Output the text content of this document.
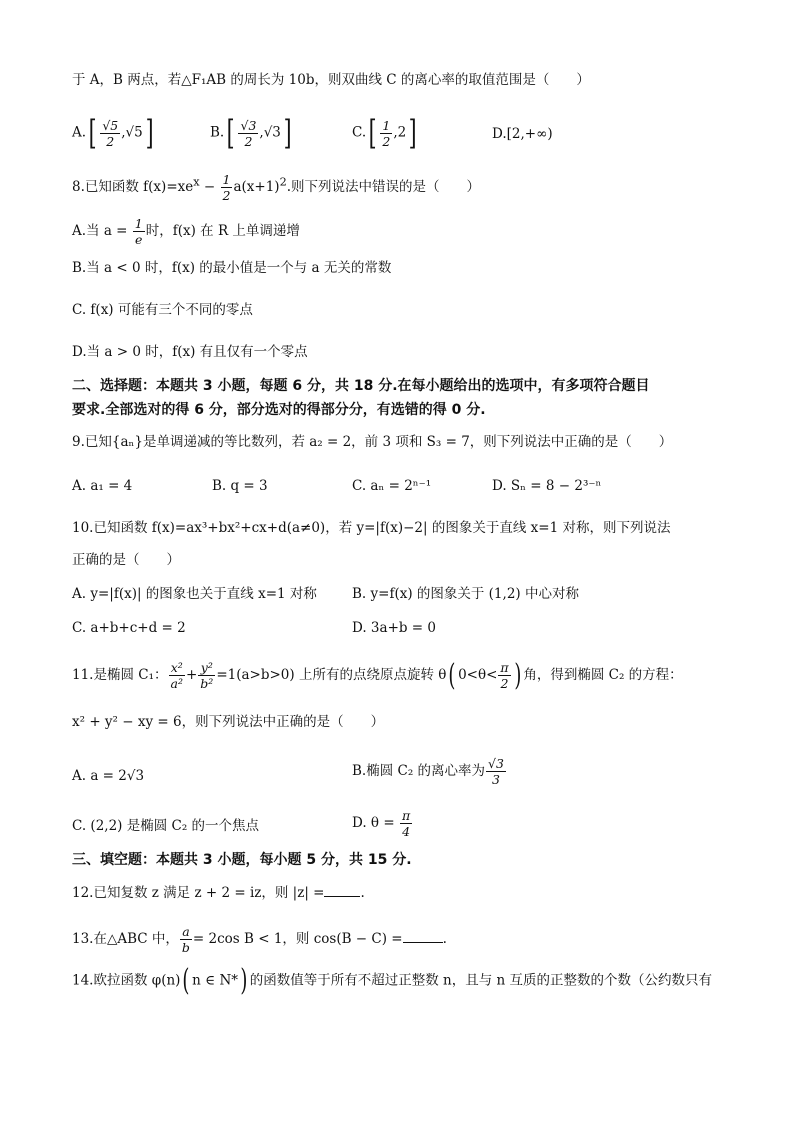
于 A，B 两点，若△F₁AB 的周长为 10b，则双曲线 C 的离心率的取值范围是（　　）
$A.[ \frac{√5}{2} ,√5]$	$B.[ \frac{√3}{2} ,√3]$	$C.[ \frac{1}{2} ,2]$	D.[2,+∞)
8.已知函数 $f(x)=xe^x - \frac{1}{2} a(x+1)^2$.则下列说法中错误的是（　　）
A.当 $a = \frac{1}{e}$ 时，f(x) 在 R 上单调递增
B.当 a < 0 时，f(x) 的最小值是一个与 a 无关的常数
C. f(x) 可能有三个不同的零点
D.当 a > 0 时，f(x) 有且仅有一个零点
二、选择题：本题共 3 小题，每题 6 分，共 18 分.在每小题给出的选项中，有多项符合题目
要求.全部选对的得 6 分，部分选对的得部分分，有选错的得 0 分.
9.已知{aₙ}是单调递减的等比数列，若 a₂ = 2，前 3 项和 S₃ = 7，则下列说法中正确的是（　　）
A. a₁ = 4	B. q = 3	C. aₙ = 2ⁿ⁻¹	D. Sₙ = 8 − 2³⁻ⁿ
10.已知函数 f(x)=ax³+bx²+cx+d(a≠0)，若 y=|f(x)−2| 的图象关于直线 x=1 对称，则下列说法
正确的是（　　）
A. y=|f(x)| 的图象也关于直线 x=1 对称	B. y=f(x) 的图象关于 (1,2) 中心对称
C. a+b+c+d = 2	D. 3a+b = 0
11.是椭圆 C₁： $\frac{\text{x²}}{\text{a²}} + \frac{\text{y²}}{\text{b²}} =1(a>b>0)$ 上所有的点绕原点旋转 θ( $0<\theta< \frac{\pi}{2}$ ) 角，得到椭圆 C₂ 的方程：
x² + y² − xy = 6，则下列说法中正确的是（　　）
A. a = 2√3	B.椭圆 C₂ 的离心率为 $\frac{√3}{3}$
C. (2,2) 是椭圆 C₂ 的一个焦点	D. $\theta = \frac{\pi}{4}$
三、填空题：本题共 3 小题，每小题 5 分，共 15 分.
12.已知复数 z 满足 z + 2 = iz，则 |z| =	.
13.在△ABC 中， $\frac{a}{b} = 2\cos$ B < 1，则 cos(B − C) =	.
14.欧拉函数 φ(n)( n ∈ N*) 的函数值等于所有不超过正整数 n，且与 n 互质的正整数的个数（公约数只有
